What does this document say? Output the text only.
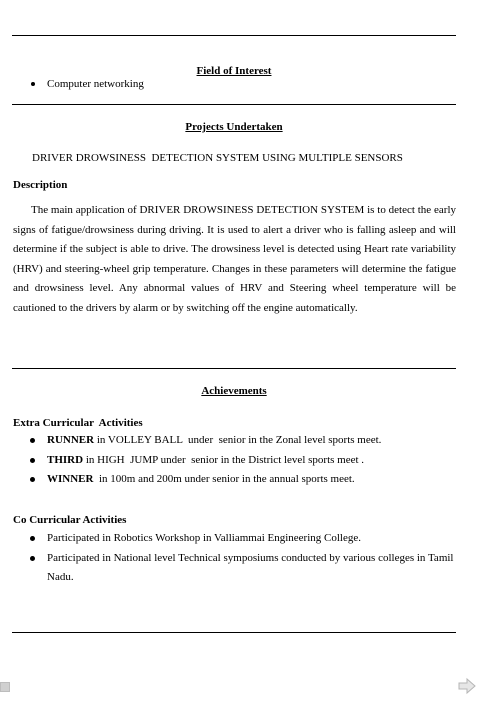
Field of Interest
Computer networking
Projects Undertaken
DRIVER DROWSINESS  DETECTION SYSTEM USING MULTIPLE SENSORS
Description
The main application of DRIVER DROWSINESS DETECTION SYSTEM is to detect the early signs of fatigue/drowsiness during driving. It is used to alert a driver who is falling asleep and will determine if the subject is able to drive. The drowsiness level is detected using Heart rate variability (HRV) and steering-wheel grip temperature. Changes in these parameters will determine the fatigue and drowsiness level. Any abnormal values of HRV and Steering wheel temperature will be cautioned to the drivers by alarm or by switching off the engine automatically.
Achievements
Extra Curricular  Activities
RUNNER in VOLLEY BALL  under  senior in the Zonal level sports meet.
THIRD in HIGH  JUMP under  senior in the District level sports meet .
WINNER  in 100m and 200m under senior in the annual sports meet.
Co Curricular Activities
Participated in Robotics Workshop in Valliammai Engineering College.
Participated in National level Technical symposiums conducted by various colleges in Tamil Nadu.
